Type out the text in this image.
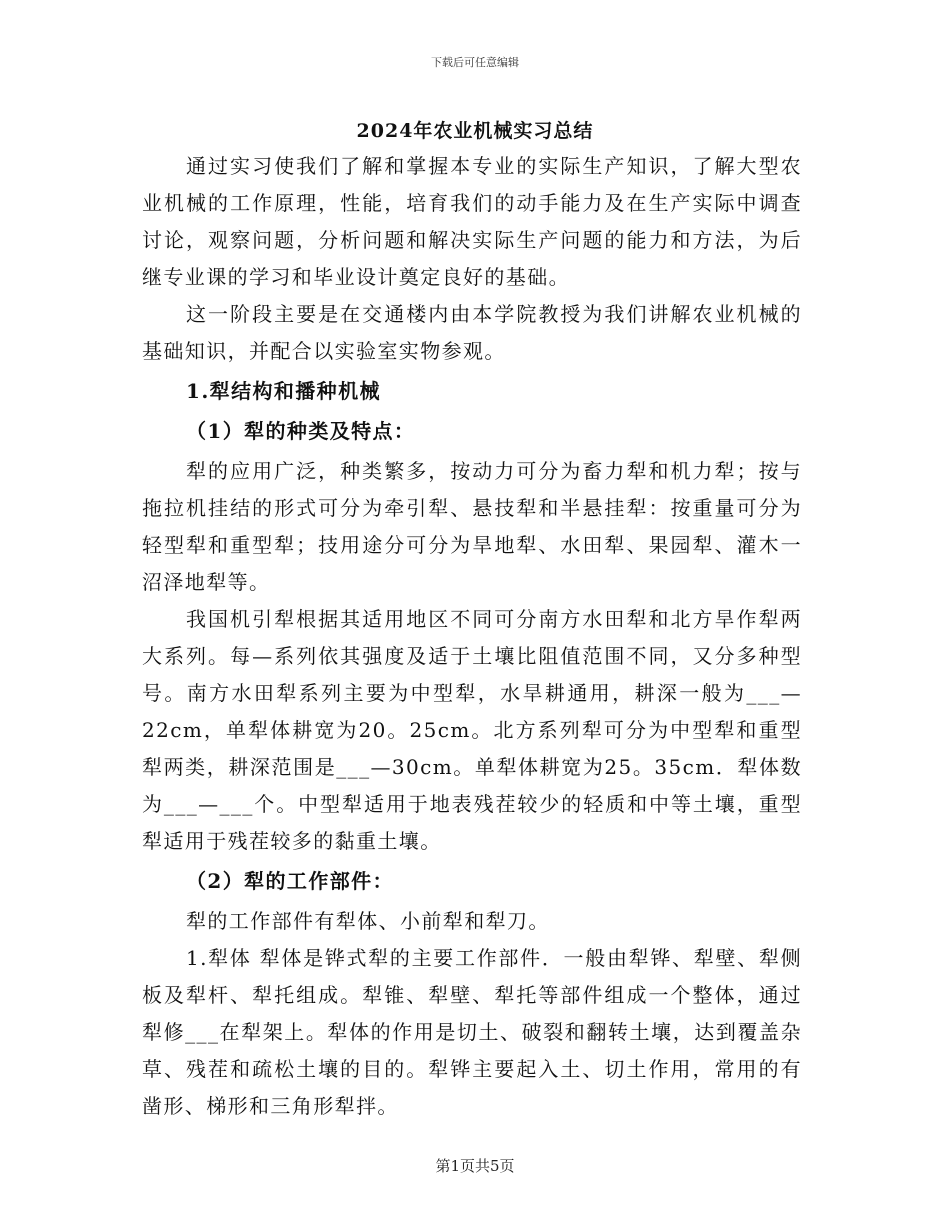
下载后可任意编辑
2024年农业机械实习总结

通过实习使我们了解和掌握本专业的实际生产知识，了解大型农业机械的工作原理，性能，培育我们的动手能力及在生产实际中调查讨论，观察问题，分析问题和解决实际生产问题的能力和方法，为后继专业课的学习和毕业设计奠定良好的基础。

这一阶段主要是在交通楼内由本学院教授为我们讲解农业机械的基础知识，并配合以实验室实物参观。

1.犁结构和播种机械

（1）犁的种类及特点：

犁的应用广泛，种类繁多，按动力可分为畜力犁和机力犁；按与拖拉机挂结的形式可分为牵引犁、悬技犁和半悬挂犁：按重量可分为轻型犁和重型犁；技用途分可分为旱地犁、水田犁、果园犁、灌木一沼泽地犁等。

我国机引犁根据其适用地区不同可分南方水田犁和北方旱作犁两大系列。每—系列依其强度及适于土壤比阻值范围不同，又分多种型号。南方水田犁系列主要为中型犁，水旱耕通用，耕深一般为___—22cm，单犁体耕宽为20。25cm。北方系列犁可分为中型犁和重型犁两类，耕深范围是___—30cm。单犁体耕宽为25。35cm．犁体数为___—___个。中型犁适用于地表残茬较少的轻质和中等土壤，重型犁适用于残茬较多的黏重土壤。

（2）犁的工作部件：

犁的工作部件有犁体、小前犁和犁刀。

1.犁体 犁体是铧式犁的主要工作部件．一般由犁铧、犁壁、犁侧板及犁杆、犁托组成。犁锥、犁壁、犁托等部件组成一个整体，通过犁修___在犁架上。犁体的作用是切土、破裂和翻转土壤，达到覆盖杂草、残茬和疏松土壤的目的。犁铧主要起入土、切土作用，常用的有凿形、梯形和三角形犁拌。

第1页共5页
